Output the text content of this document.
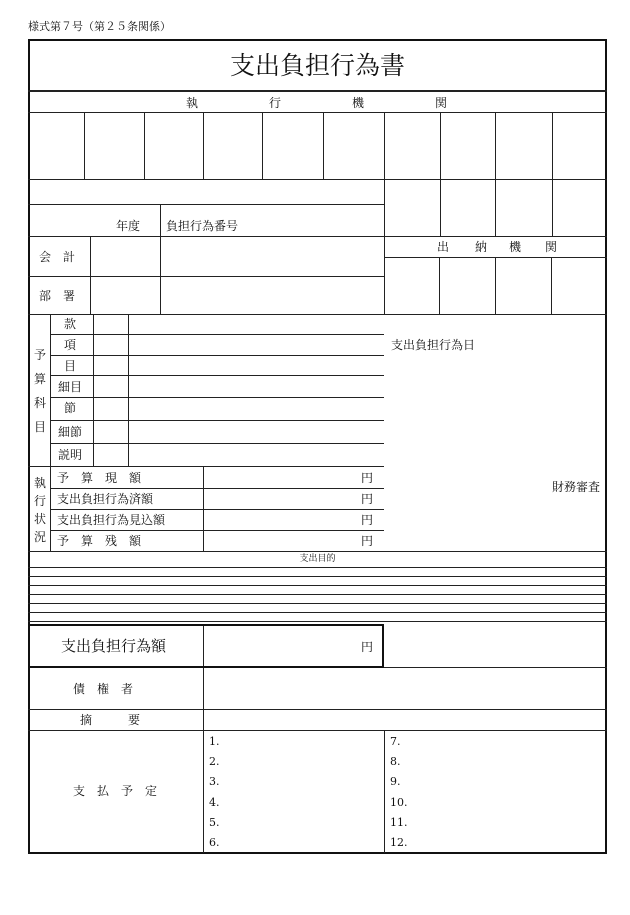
様式第７号（第２５条関係）
支出負担行為書
執	行	機	関
年度 負担行為番号
出 納 機 関
会　計
部　署
予
算
科
目
款
項
目
細目
節
細節
説明
支出負担行為日
財務審査
執
行
状
況
予　算　現　額	円
支出負担行為済額	円
支出負担行為見込額	円
予　算　残　額	円
支出目的
支出負担行為額	円
債　権　者
摘　　　要
支　払　予　定
1.
2.
3.
4.
5.
6.
7.
8.
9.
10.
11.
12.
